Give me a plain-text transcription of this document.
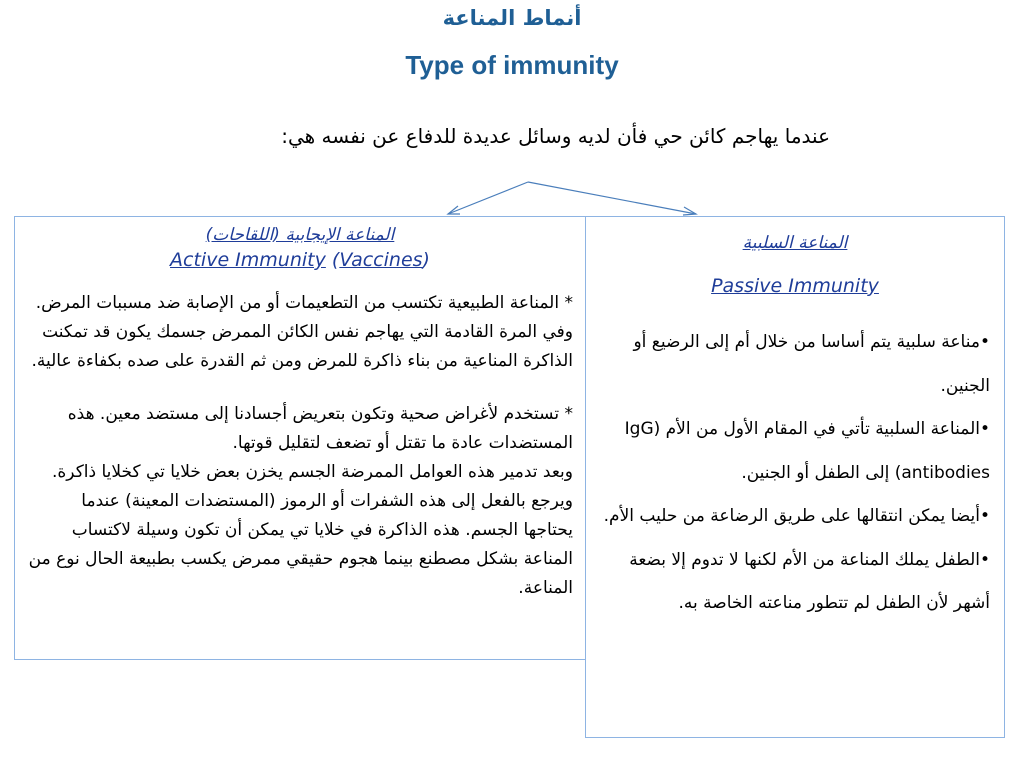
أنماط المناعة
Type of immunity
عندما يهاجم كائن حي فأن لديه وسائل عديدة للدفاع عن نفسه هي:
المناعة الإيجابية (اللقاحات)
Active Immunity (Vaccines)

* المناعة الطبيعية تكتسب من التطعيمات أو من الإصابة ضد مسببات المرض. وفي المرة القادمة التي يهاجم نفس الكائن الممرض جسمك يكون قد تمكنت الذاكرة المناعية من بناء ذاكرة للمرض ومن ثم القدرة على صده بكفاءة عالية.

* تستخدم لأغراض صحية وتكون بتعريض أجسادنا إلى مستضد معين. هذه المستضدات عادة ما تقتل أو تضعف لتقليل قوتها.

وبعد تدمير هذه العوامل الممرضة الجسم يخزن بعض خلايا تي كخلايا ذاكرة. ويرجع بالفعل إلى هذه الشفرات أو الرموز (المستضدات المعينة) عندما يحتاجها الجسم. هذه الذاكرة في خلايا تي يمكن أن تكون وسيلة لاكتساب المناعة بشكل مصطنع بينما هجوم حقيقي ممرض يكسب بطبيعة الحال نوع من المناعة.

المناعة السلبية
Passive Immunity

•مناعة سلبية يتم أساسا من خلال أم إلى الرضيع أو الجنين.

•المناعة السلبية تأتي في المقام الأول من الأم (IgG antibodies) إلى الطفل أو الجنين.

•أيضا يمكن انتقالها على طريق الرضاعة من حليب الأم.

•الطفل يملك المناعة من الأم لكنها لا تدوم إلا بضعة أشهر لأن الطفل لم تتطور مناعته الخاصة به.
